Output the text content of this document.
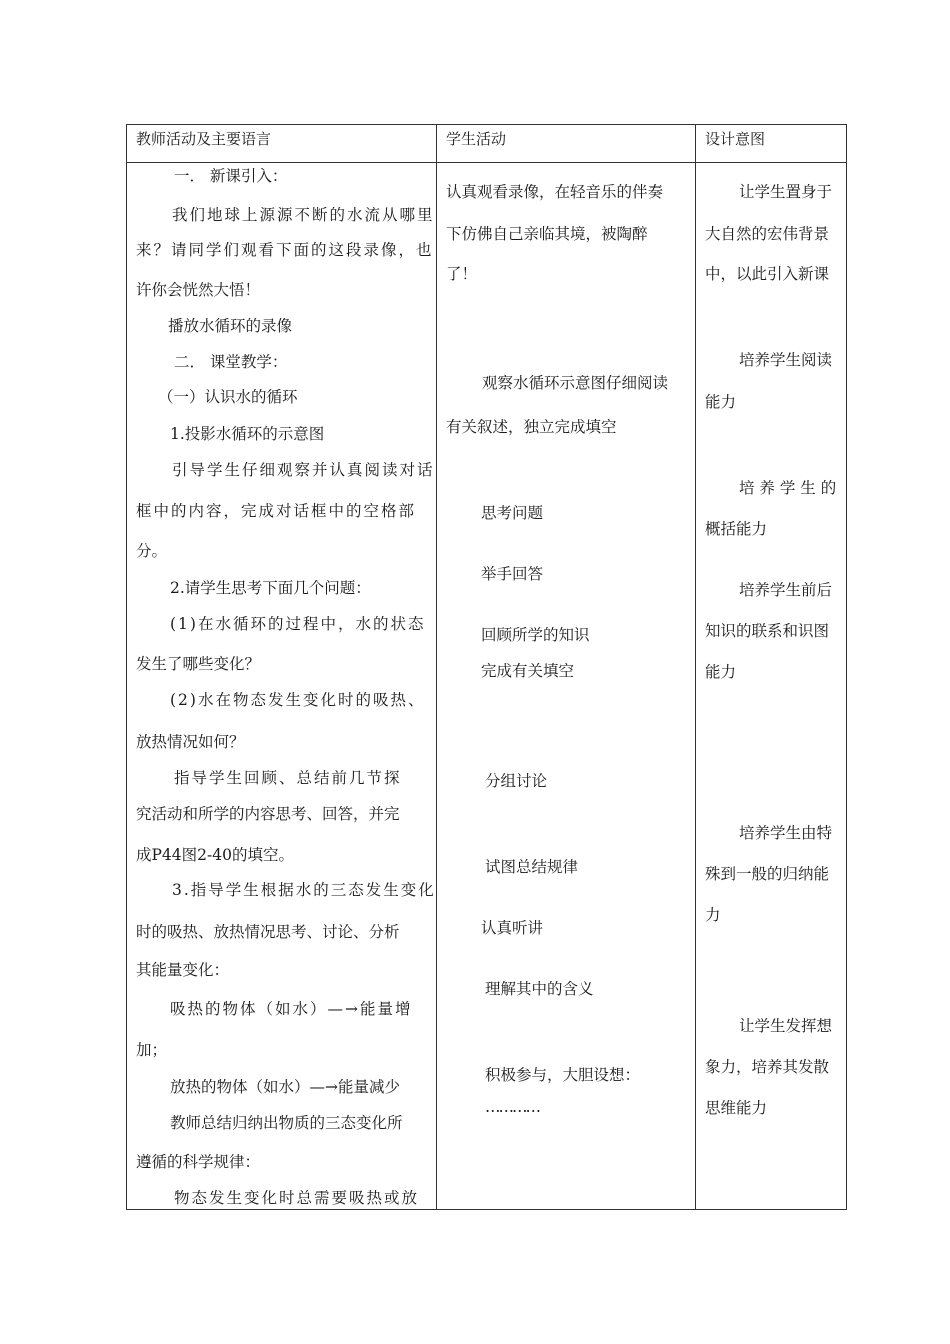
教师活动及主要语言	学生活动	设计意图
一． 新课引入：
我们地球上源源不断的水流从哪里
来？请同学们观看下面的这段录像，也
许你会恍然大悟！
播放水循环的录像
二． 课堂教学：
（一）认识水的循环
1.投影水循环的示意图
引导学生仔细观察并认真阅读对话
框中的内容，完成对话框中的空格部
分。
2.请学生思考下面几个问题：
(1)在水循环的过程中，水的状态
发生了哪些变化？
(2)水在物态发生变化时的吸热、
放热情况如何？
指导学生回顾、总结前几节探
究活动和所学的内容思考、回答，并完
成P44图2-40的填空。
3.指导学生根据水的三态发生变化
时的吸热、放热情况思考、讨论、分析
其能量变化：
吸热的物体（如水）—→能量增
加；
放热的物体（如水）—→能量减少
教师总结归纳出物质的三态变化所
遵循的科学规律：
物态发生变化时总需要吸热或放
认真观看录像，在轻音乐的伴奏
下仿佛自己亲临其境，被陶醉
了！
观察水循环示意图仔细阅读
有关叙述，独立完成填空
思考问题
举手回答
回顾所学的知识
完成有关填空
分组讨论
试图总结规律
认真听讲
理解其中的含义
积极参与，大胆设想：
…………
让学生置身于
大自然的宏伟背景
中，以此引入新课
培养学生阅读
能力
培 养 学 生 的
概括能力
培养学生前后
知识的联系和识图
能力
培养学生由特
殊到一般的归纳能
力
让学生发挥想
象力，培养其发散
思维能力
